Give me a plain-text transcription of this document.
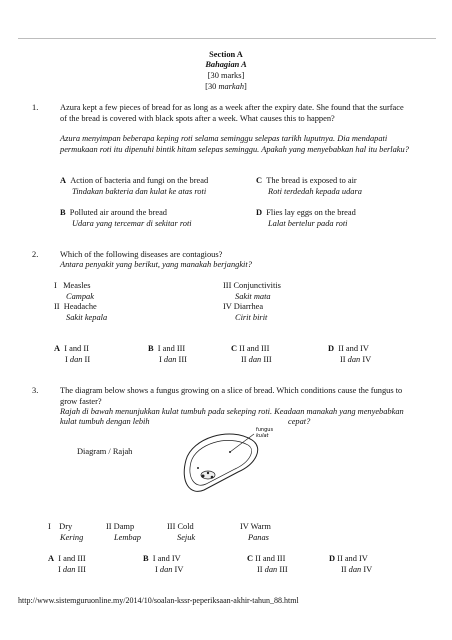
Section A
Bahagian A
[30 marks]
[30 markah]
1.	Azura kept a few pieces of bread for as long as a week after the expiry date. She found that the surface of the bread is covered with black spots after a week. What causes this to happen?
Azura menyimpan beberapa keping roti selama seminggu selepas tarikh luputnya. Dia mendapati permukaan roti itu dipenuhi bintik hitam selepas seminggu. Apakah yang menyebabkan hal itu berlaku?
A Action of bacteria and fungi on the bread
Tindakan bakteria dan kulat ke atas roti
C The bread is exposed to air
Roti terdedah kepada udara
B Polluted air around the bread
Udara yang tercemar di sekitar roti
D Flies lay eggs on the bread
Lalat bertelur pada roti
2.	Which of the following diseases are contagious?
Antara penyakit yang berikut, yang manakah berjangkit?
I   Measles
Campak
III Conjunctivitis
Sakit mata
II  Headache
Sakit kepala
IV Diarrhea
Cirit birit
A I and II
I dan II
B I and III
I dan III
C II and III
II dan III
D II and IV
II dan IV
3.	The diagram below shows a fungus growing on a slice of bread. Which conditions cause the fungus to grow faster?
Rajah di bawah menunjukkan kulat tumbuh pada sekeping roti. Keadaan manakah yang menyebabkan
kulat tumbuh dengan lebih	cepat?
Diagram / Rajah
fungus
kulat
I    Dry
Kering
II Damp
Lembap
III Cold
Sejuk
IV Warm
Panas
A I and III
I dan III
B I and IV
I dan IV
C II and III
II dan III
D II and IV
II dan IV
http://www.sistemguruonline.my/2014/10/soalan-kssr-peperiksaan-akhir-tahun_88.html
